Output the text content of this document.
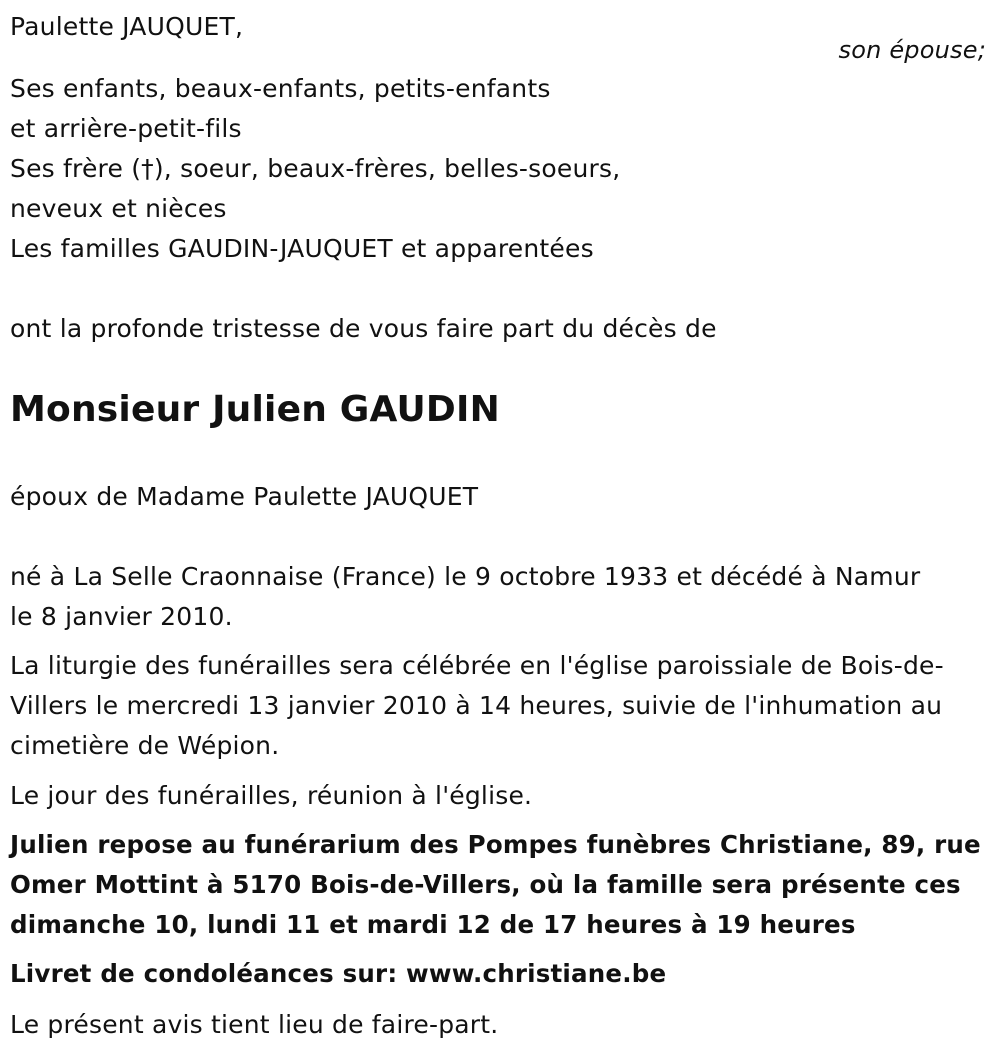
Paulette JAUQUET,
son épouse;
Ses enfants, beaux-enfants, petits-enfants
et arrière-petit-fils
Ses frère (†), soeur, beaux-frères, belles-soeurs,
neveux et nièces
Les familles GAUDIN-JAUQUET et apparentées
ont la profonde tristesse de vous faire part du décès de
Monsieur Julien GAUDIN
époux de Madame Paulette JAUQUET
né à La Selle Craonnaise (France) le 9 octobre 1933 et décédé à Namur
le 8 janvier 2010.
La liturgie des funérailles sera célébrée en l'église paroissiale de Bois-de-
Villers le mercredi 13 janvier 2010 à 14 heures, suivie de l'inhumation au
cimetière de Wépion.
Le jour des funérailles, réunion à l'église.
Julien repose au funérarium des Pompes funèbres Christiane, 89, rue
Omer Mottint à 5170 Bois-de-Villers, où la famille sera présente ces
dimanche 10, lundi 11 et mardi 12 de 17 heures à 19 heures
Livret de condoléances sur: www.christiane.be
Le présent avis tient lieu de faire-part.
